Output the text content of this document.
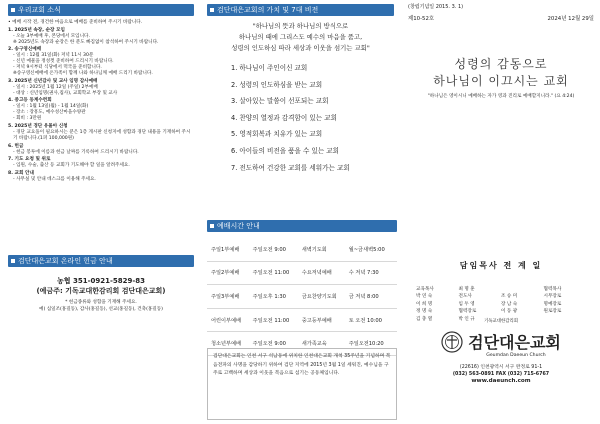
우리교회 소식

• 예배 시작 전, 경건한 마음으로 예배를 준비하여 주시기 바랍니다.

1. 2025년 속장, 순장 모임

- 오늘 3부예배 후, 본당에서 모입니다.

※ 2025년도 속장과 순장은 한 분도 빠짐없이 참석하여 주시기 바랍니다.

2. 송구영신예배

- 일시 : 12월 31일(화) 저녁 11시 30분

- 신년 예물을 정성껏 준비하여 드리시기 바랍니다.

- 저녁 9시부터 식당에서 떡국을 준비합니다.

※송구영신예배에 온가족이 함께 나와 하나님께 예배 드리기 바랍니다.

3. 2025년 신년감사 및 교사 임명 감사예배

- 일시 : 2025년 1월 12일 (주일) 2부예배

- 대상 : 신년임명(권사,집사), 교회학교 부장 및 교사

4. 중고등 동계수련회

- 일시 : 1월 13일(월) - 1월 14일(화)

- 장소 : 장흥도, 예수성산마을수양관

- 회비 : 3만원

5. 2025년 경단 유몰아 신청

- 경단 교요돌이 필요하시는 분은 1층 게시판 신청지에 성함과 경단 내용을 기재하여 주시기 바랍니다.(1퍼 100,000원)

6. 헌금

- 헌금 봉투에 이름과 헌금 날짜를 기록하여 드리시기 바랍니다.

7. 기도 요청 및 위로

- 입원, 수술, 출산 등 교회가 기도해야 할 일을 알려주세요.

8. 교회 안내

- 사무실 및 안내 데스크를 이용해 주세요.

검단대은교회 온라인 헌금 안내
농협 351-0921-5829-83
(예금주: 기독교대한감리회 검단대은교회)
* 헌금종류와 성함을 기재해 주세요.
예) 십일조(홍길동), 감사(홍길동), 선교(홍길동), 건축(홍길동)
검단대은교회의 가치 및 7대 비전
"하나님의 뜻과 하나님의 방식으로
하나님의 때에 그리스도 예수의 마음을 품고,
성령의 인도하심 따라 세상과 이웃을 섬기는 교회"
1. 하나님이 주인이신 교회
2. 성령의 인도하심을 받는 교회
3. 살아있는 말씀이 선포되는 교회
4. 찬양의 열정과 감격함이 있는 교회
5. 영적회복과 치유가 있는 교회
6. 아이들의 비전을 품을 수 있는 교회
7. 전도하여 건강한 교회를 세워가는 교회
예배시간 안내
주일1부예배	주일오전 9:00	새벽기도회	월~금새벽5:00
주일2부예배	주일오전 11:00	수요저녁예배	수 저녁 7:30
주일3부예배	주일오후 1:30	금요찬양기도회	금 저녁 8:00
어린이부예배	주일오전 11:00	중고등부예배	토 오전 10:00
청소년부예배	주일오전 9:00	새가족교육	주일오전10:20
검단대은교회는 인천 서구 석남동에 위치한 인천대은교회 개척 35주년을 기념하며 복음전파의 사명을 감당하기 위하여 검단 지역에 2015년 3월 1일 세워진, 예수님을 구주로 고백하며 세상과 이웃을 복음으로 섬기는 공동체입니다.
(창립기념일 2015. 3. 1)
제10-52호	2024년 12월 29일
성령의 감동으로
하나님이 이끄시는 교회
"하나님은 영이시니 예배하는 자가 영과 진리로 예배할지니라." (요 4:24)
담임목사 전 계 일
교육목사	최 명 훈	협력목사
박 연 숙	전도사	조 승 미	시무장로
이 희 명	임 두 영	장 남 숙	명예장로
정 명 숙	협력장로	이 동 광	원로장로
김 충 열	박 인 규	기독교대한감리회
검단대은교회
Geumdan Daeeun Church
(22616) 인천광역시 서구 완정로 91-1
(032) 563-0891 FAX (032) 715-6767
www.daeunch.com
